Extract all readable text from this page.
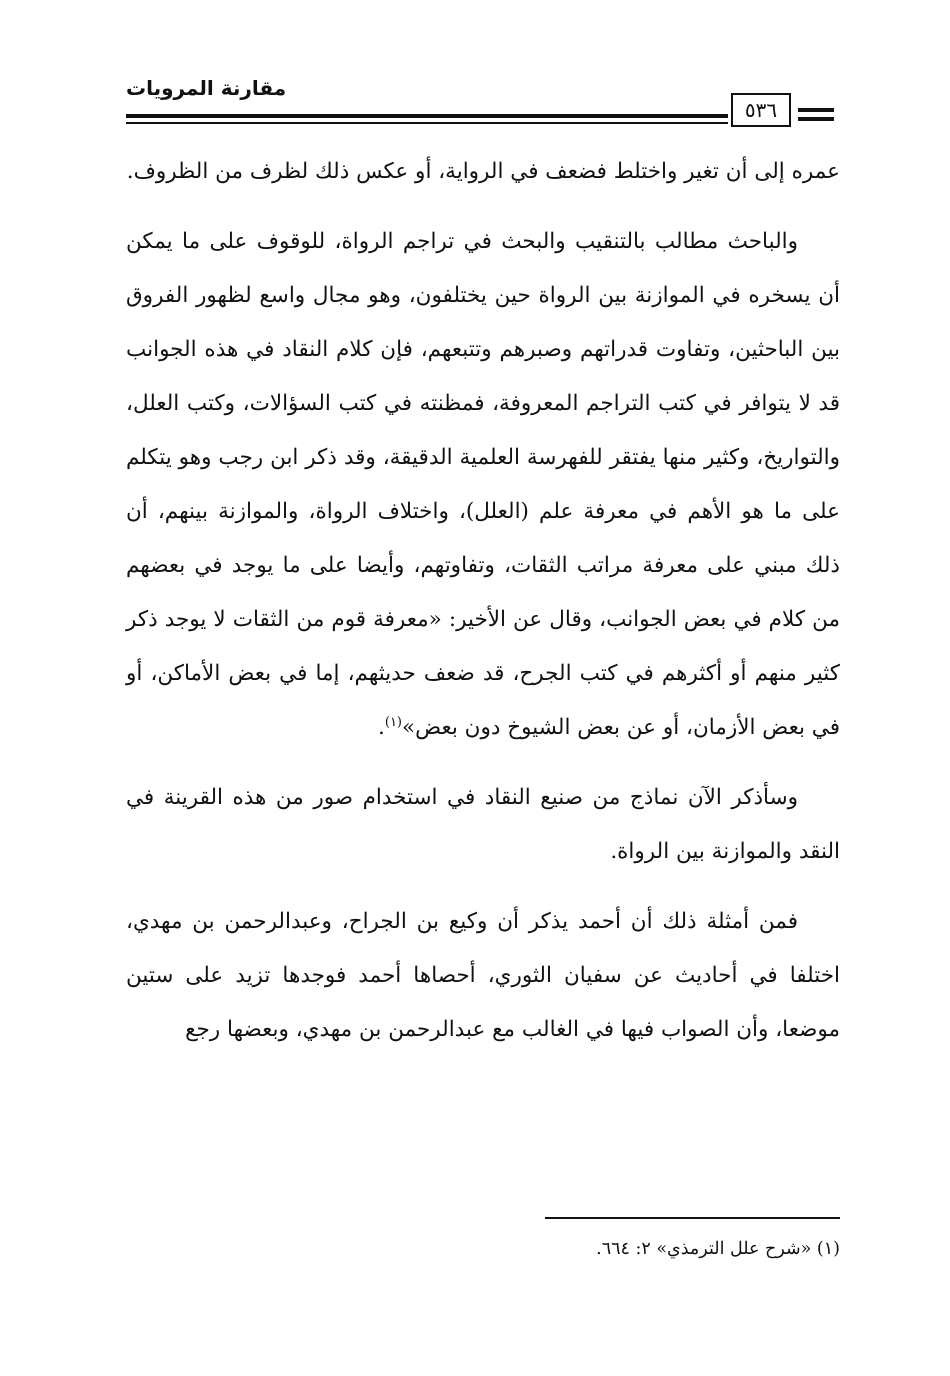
مقارنة المرويات
٥٣٦

عمره إلى أن تغير واختلط فضعف في الرواية، أو عكس ذلك لظرف من الظروف.

والباحث مطالب بالتنقيب والبحث في تراجم الرواة، للوقوف على ما يمكن أن يسخره في الموازنة بين الرواة حين يختلفون، وهو مجال واسع لظهور الفروق بين الباحثين، وتفاوت قدراتهم وصبرهم وتتبعهم، فإن كلام النقاد في هذه الجوانب قد لا يتوافر في كتب التراجم المعروفة، فمظنته في كتب السؤالات، وكتب العلل، والتواريخ، وكثير منها يفتقر للفهرسة العلمية الدقيقة، وقد ذكر ابن رجب وهو يتكلم على ما هو الأهم في معرفة علم (العلل)، واختلاف الرواة، والموازنة بينهم، أن ذلك مبني على معرفة مراتب الثقات، وتفاوتهم، وأيضا على ما يوجد في بعضهم من كلام في بعض الجوانب، وقال عن الأخير: «معرفة قوم من الثقات لا يوجد ذكر كثير منهم أو أكثرهم في كتب الجرح، قد ضعف حديثهم، إما في بعض الأماكن، أو في بعض الأزمان، أو عن بعض الشيوخ دون بعض»$^{(١)}$.

وسأذكر الآن نماذج من صنيع النقاد في استخدام صور من هذه القرينة في النقد والموازنة بين الرواة.

فمن أمثلة ذلك أن أحمد يذكر أن وكيع بن الجراح، وعبدالرحمن بن مهدي، اختلفا في أحاديث عن سفيان الثوري، أحصاها أحمد فوجدها تزيد على ستين موضعا، وأن الصواب فيها في الغالب مع عبدالرحمن بن مهدي، وبعضها رجع

(١) «شرح علل الترمذي» ٢: ٦٦٤.
